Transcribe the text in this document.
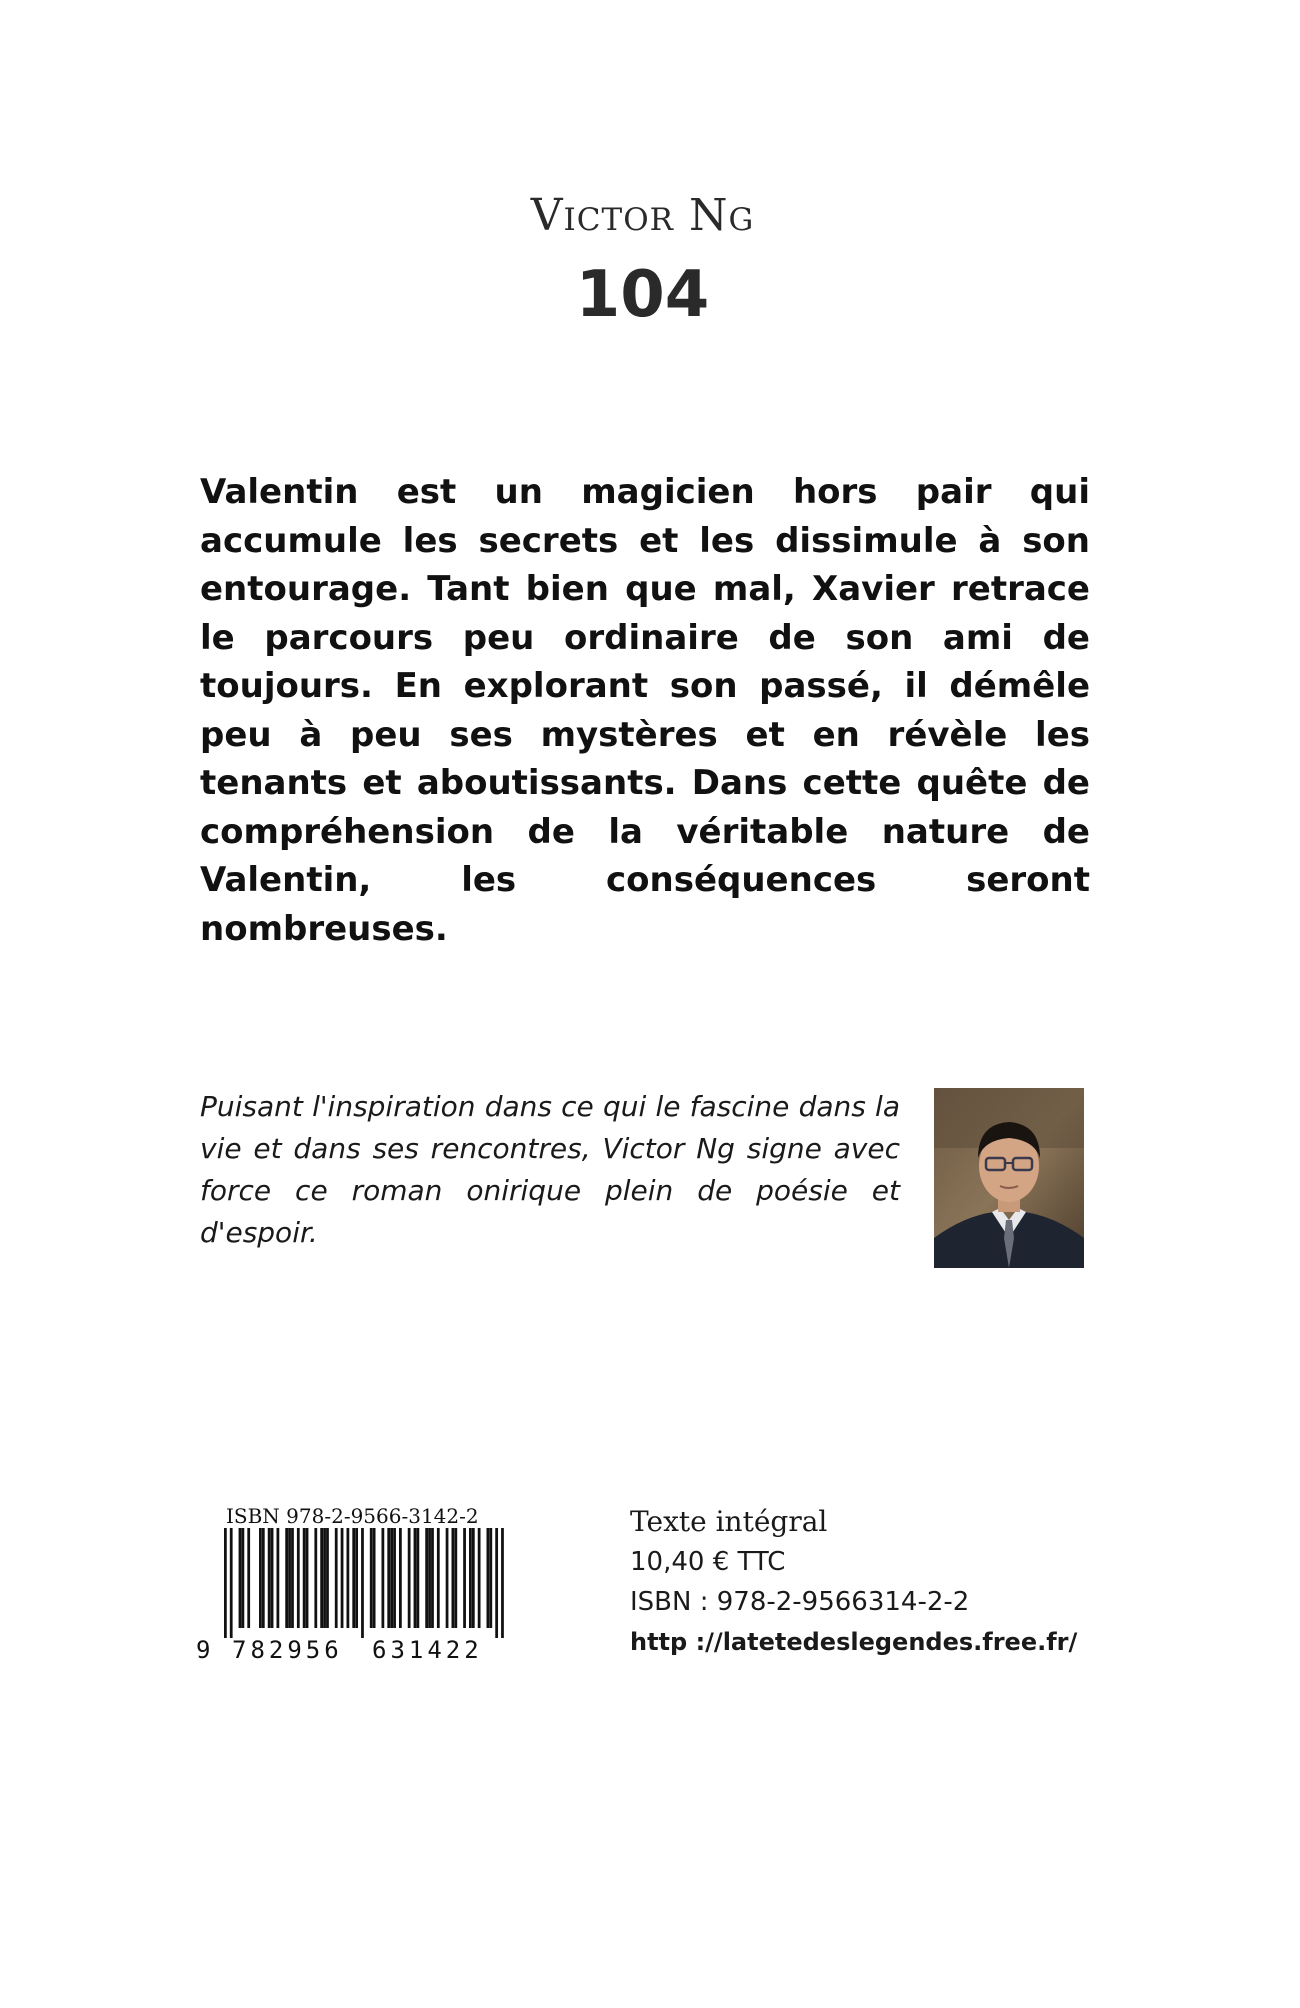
Victor Ng
104
Valentin est un magicien hors pair qui accumule les secrets et les dissimule à son entourage. Tant bien que mal, Xavier retrace le parcours peu ordinaire de son ami de toujours. En explorant son passé, il démêle peu à peu ses mystères et en révèle les tenants et aboutissants. Dans cette quête de compréhension de la véritable nature de Valentin, les conséquences seront nombreuses.
Puisant l'inspiration dans ce qui le fascine dans la vie et dans ses rencontres, Victor Ng signe avec force ce roman onirique plein de poésie et d'espoir.
ISBN 978-2-9566-3142-2
9 782956 631422
Texte intégral
10,40 € TTC
ISBN : 978-2-9566314-2-2
http ://latetedeslegendes.free.fr/
